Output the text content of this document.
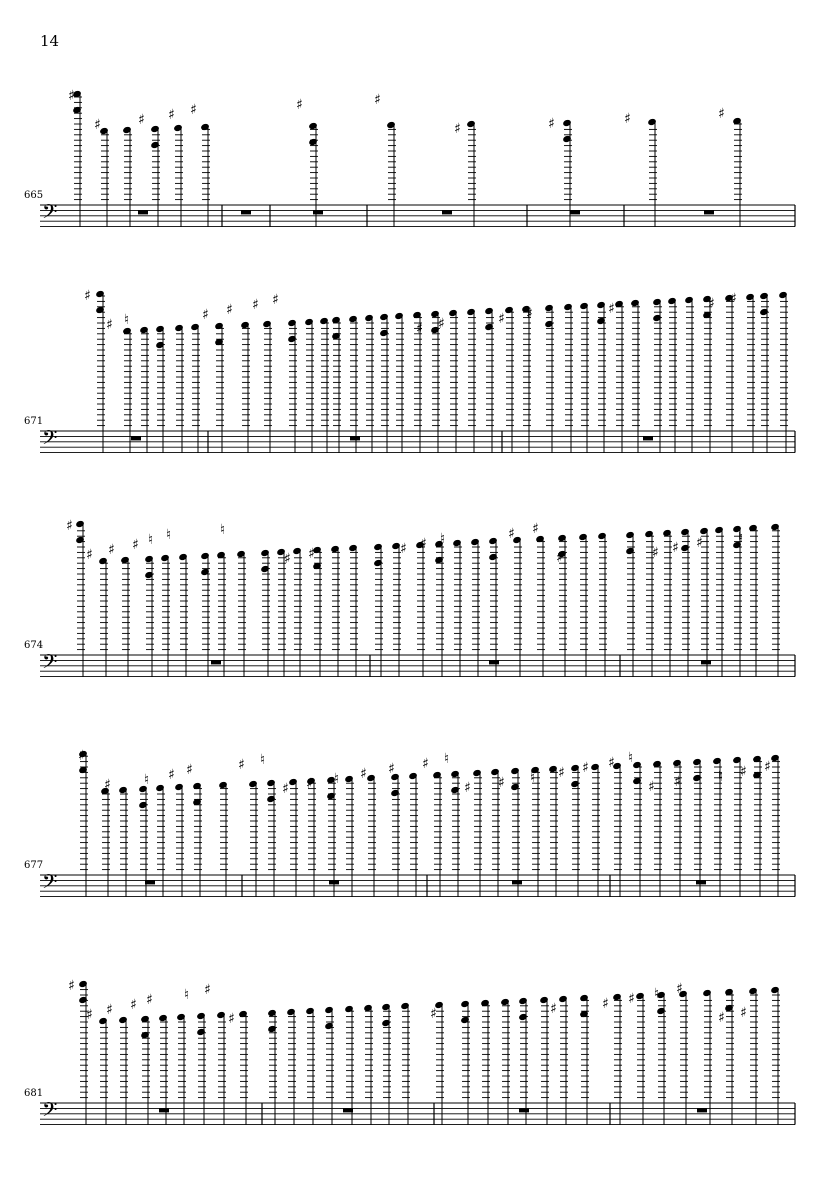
14
665
𝄢
♯
♯	♯ ♯ ♯	♯	♯
♯	♯	♯	♯
671
𝄢
♯
♯ ♮	♯ ♯ ♯ ♯
♯ ♯	♯ ♯	♯	♯ ♯
674
𝄢
♯
♯ ♯ ♯ ♮ ♮	♮
♯ ♯	♯ ♯ ♮	♯ ♯
♯	♯ ♯ ♯	♮
677
𝄢
♯
♯ ♮ ♯ ♯	♯ ♮
♯ ♯ ♮ ♯ ♯ ♯ ♮
♯ ♯ ♮ ♯ ♯ ♯ ♮
♯ ♯	♮ ♯ ♯
681
𝄢
♯
♯ ♯ ♯ ♯ ♮ ♯
♯	♯	♯	♯ ♯ ♮ ♯
♯ ♯
